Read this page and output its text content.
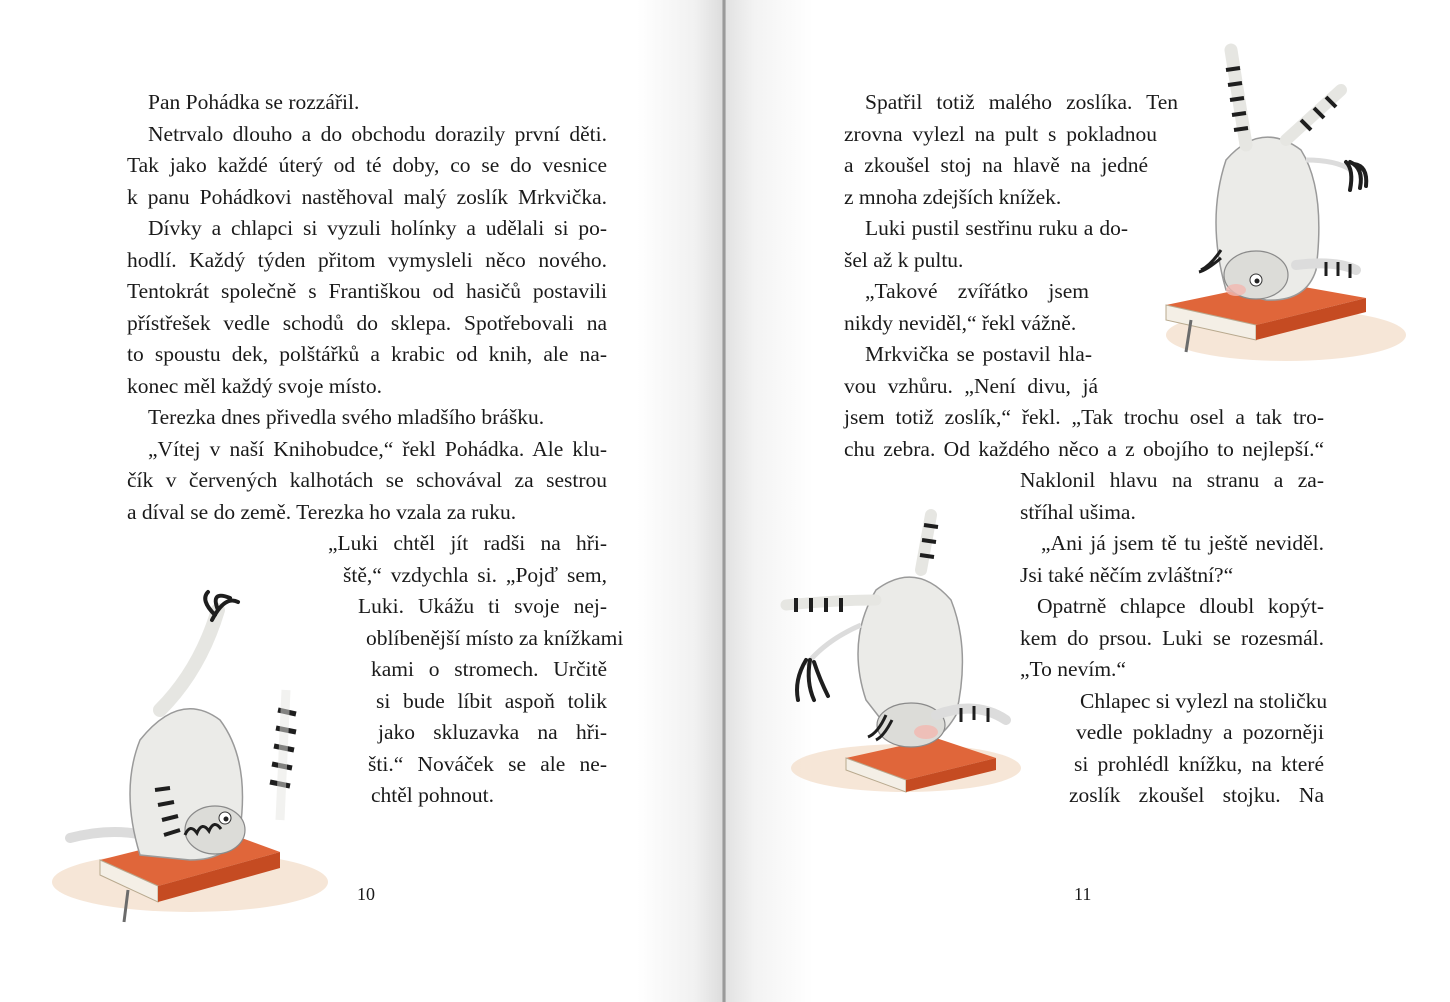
Pan Pohádka se rozzářil.
Netrvalo dlouho a do obchodu dorazily první děti.
Tak jako každé úterý od té doby, co se do vesnice
k panu Pohádkovi nastěhoval malý zoslík Mrkvička.
Dívky a chlapci si vyzuli holínky a udělali si po-
hodlí. Každý týden přitom vymysleli něco nového.
Tentokrát společně s Františkou od hasičů postavili
přístřešek vedle schodů do sklepa. Spotřebovali na
to spoustu dek, polštářků a krabic od knih, ale na-
konec měl každý svoje místo.
Terezka dnes přivedla svého mladšího brášku.
„Vítej v naší Knihobudce,“ řekl Pohádka. Ale klu-
čík v červených kalhotách se schovával za sestrou
a díval se do země. Terezka ho vzala za ruku.
„Luki chtěl jít radši na hři-
ště,“ vzdychla si. „Pojď sem,
Luki. Ukážu ti svoje nej-
oblíbenější místo za knížkami
kami o stromech. Určitě
si bude líbit aspoň tolik
jako skluzavka na hři-
šti.“ Nováček se ale ne-
chtěl pohnout.
10
Spatřil totiž malého zoslíka. Ten
zrovna vylezl na pult s pokladnou
a zkoušel stoj na hlavě na jedné
z mnoha zdejších knížek.
Luki pustil sestřinu ruku a do-
šel až k pultu.
„Takové zvířátko jsem
nikdy neviděl,“ řekl vážně.
Mrkvička se postavil hla-
vou vzhůru. „Není divu, já
jsem totiž zoslík,“ řekl. „Tak trochu osel a tak tro-
chu zebra. Od každého něco a z obojího to nejlepší.“
Naklonil hlavu na stranu a za-
stříhal ušima.
„Ani já jsem tě tu ještě neviděl.
Jsi také něčím zvláštní?“
Opatrně chlapce dloubl kopýt-
kem do prsou. Luki se rozesmál.
„To nevím.“
Chlapec si vylezl na stoličku
vedle pokladny a pozorněji
si prohlédl knížku, na které
zoslík zkoušel stojku. Na
11
